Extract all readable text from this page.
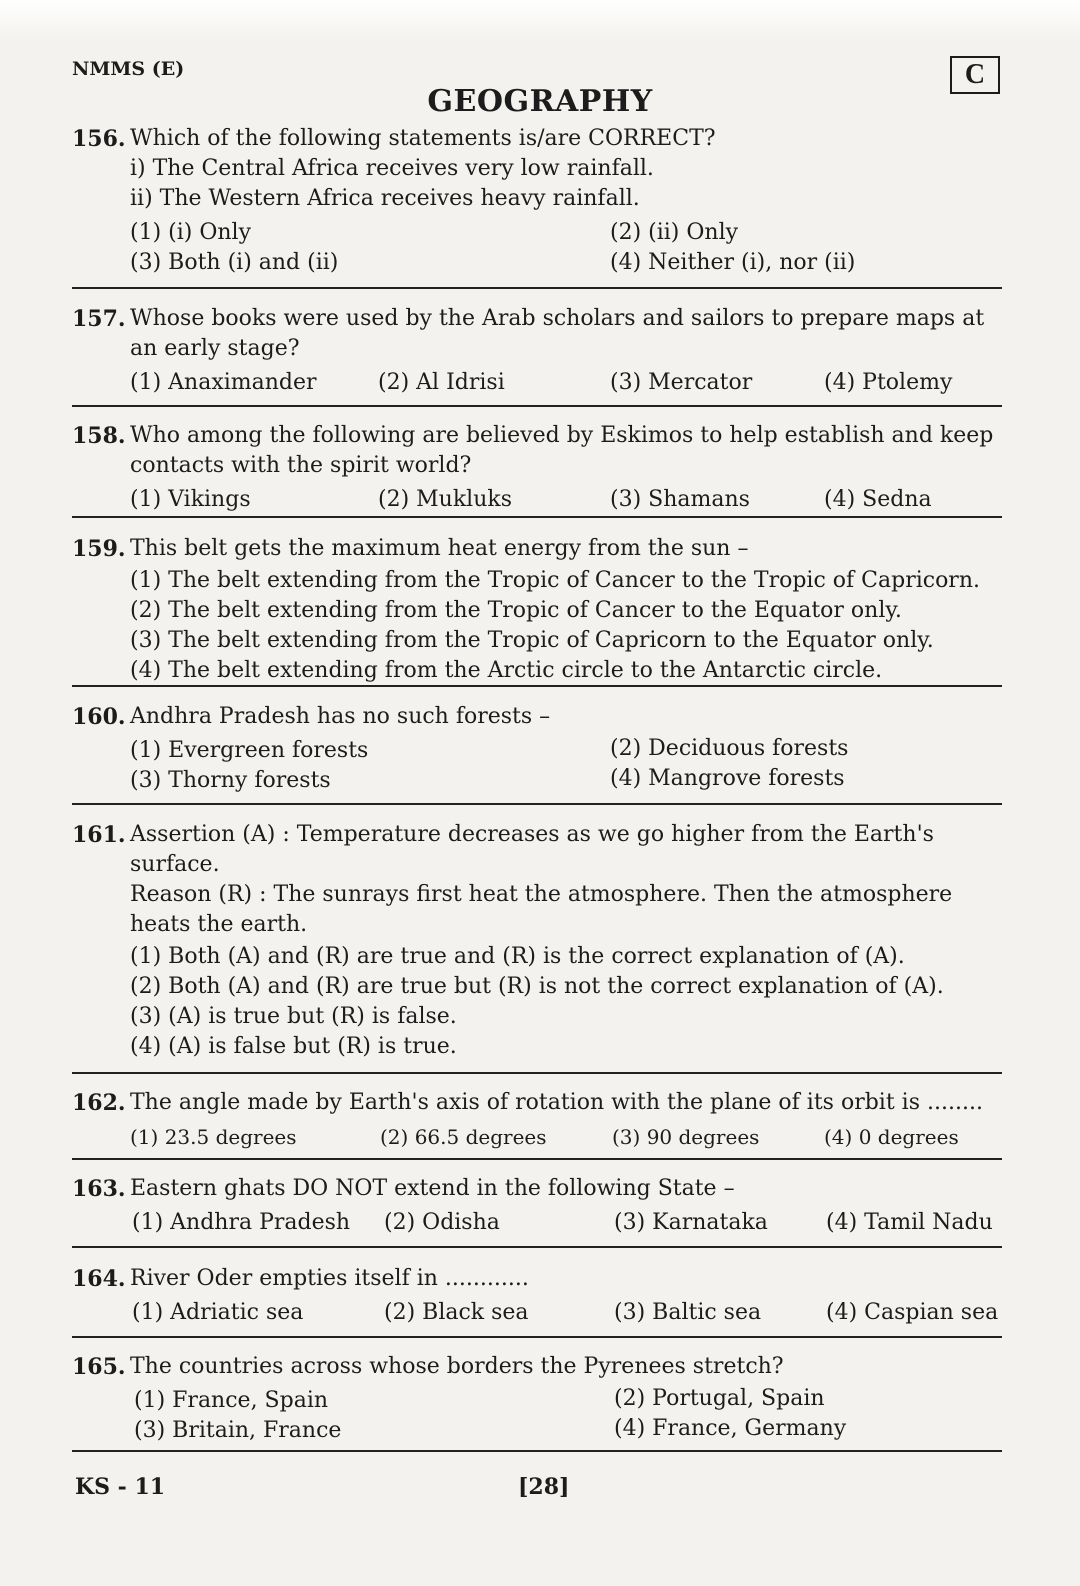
NMMS (E)	C
GEOGRAPHY
156. Which of the following statements is/are CORRECT?
i) The Central Africa receives very low rainfall.
ii) The Western Africa receives heavy rainfall.
(1) (i) Only	(2) (ii) Only
(3) Both (i) and (ii)	(4) Neither (i), nor (ii)
157. Whose books were used by the Arab scholars and sailors to prepare maps at
an early stage?
(1) Anaximander	(2) Al Idrisi	(3) Mercator	(4) Ptolemy
158. Who among the following are believed by Eskimos to help establish and keep
contacts with the spirit world?
(1) Vikings	(2) Mukluks	(3) Shamans	(4) Sedna
159. This belt gets the maximum heat energy from the sun –
(1) The belt extending from the Tropic of Cancer to the Tropic of Capricorn.
(2) The belt extending from the Tropic of Cancer to the Equator only.
(3) The belt extending from the Tropic of Capricorn to the Equator only.
(4) The belt extending from the Arctic circle to the Antarctic circle.
160. Andhra Pradesh has no such forests –
(1) Evergreen forests	(2) Deciduous forests
(3) Thorny forests	(4) Mangrove forests
161. Assertion (A) : Temperature decreases as we go higher from the Earth's
surface.
Reason (R) : The sunrays first heat the atmosphere. Then the atmosphere
heats the earth.
(1) Both (A) and (R) are true and (R) is the correct explanation of (A).
(2) Both (A) and (R) are true but (R) is not the correct explanation of (A).
(3) (A) is true but (R) is false.
(4) (A) is false but (R) is true.
162. The angle made by Earth's axis of rotation with the plane of its orbit is ........
(1) 23.5 degrees	(2) 66.5 degrees	(3) 90 degrees	(4) 0 degrees
163. Eastern ghats DO NOT extend in the following State –
(1) Andhra Pradesh (2) Odisha	(3) Karnataka	(4) Tamil Nadu
164. River Oder empties itself in ............
(1) Adriatic sea	(2) Black sea	(3) Baltic sea	(4) Caspian sea
165. The countries across whose borders the Pyrenees stretch?
(1) France, Spain	(2) Portugal, Spain
(3) Britain, France	(4) France, Germany
KS - 11	[28]
